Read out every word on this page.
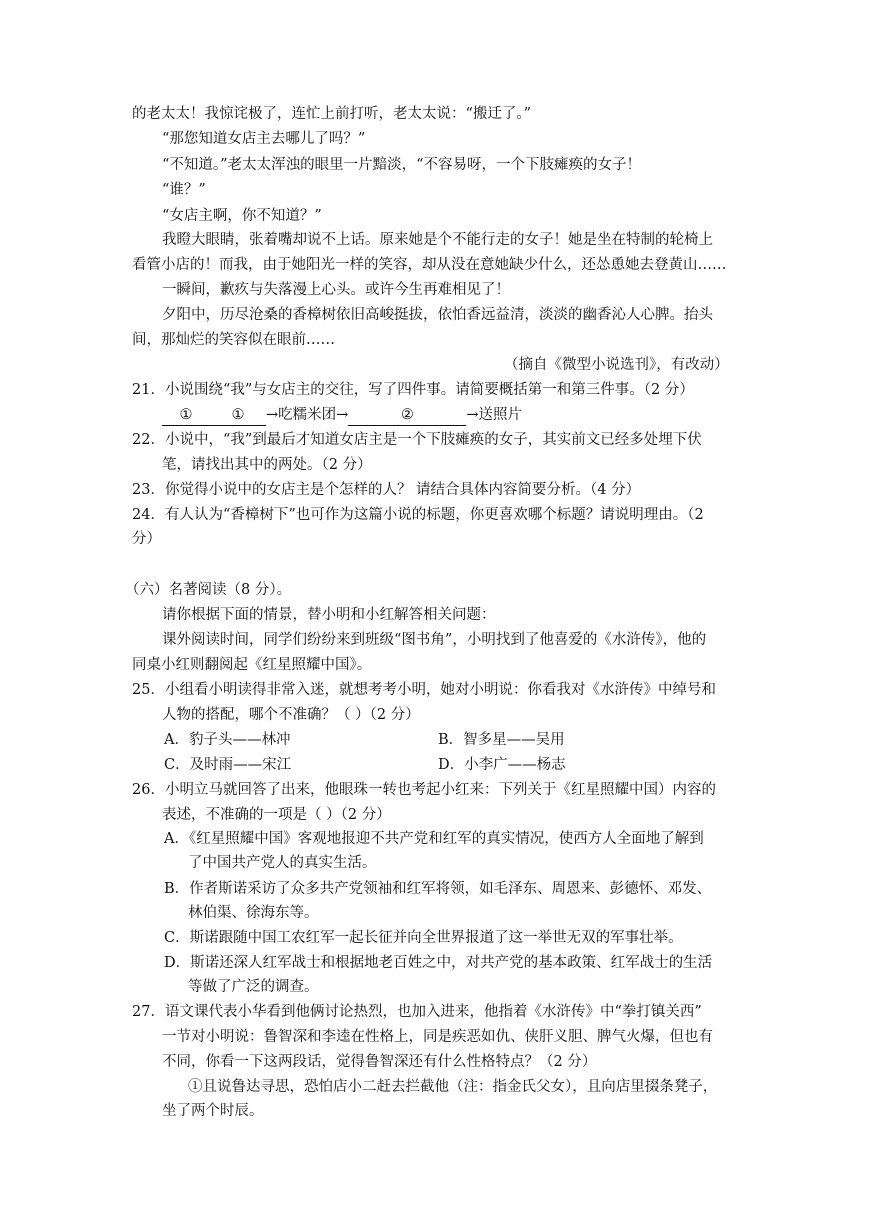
的老太太！我惊诧极了，连忙上前打听，老太太说：“搬迁了。”
“那您知道女店主去哪儿了吗？”
“不知道。”老太太浑浊的眼里一片黯淡，“不容易呀，一个下肢瘫痪的女子！
“谁？”
“女店主啊，你不知道？”
我瞪大眼睛，张着嘴却说不上话。原来她是个不能行走的女子！她是坐在特制的轮椅上
看管小店的！而我，由于她阳光一样的笑容，却从没在意她缺少什么，还怂恿她去登黄山……
一瞬间，歉疚与失落漫上心头。或许今生再难相见了！
夕阳中，历尽沧桑的香樟树依旧高峻挺拔，依怕香远益清，淡淡的幽香沁人心脾。抬头
间，那灿烂的笑容似在眼前……
（摘自《微型小说选刊》，有改动）
21．小说围绕“我”与女店主的交往，写了四件事。请简要概括第一和第三件事。（2 分）
①	① →吃糯米团→	②	→送照片
22．小说中，“我”到最后才知道女店主是一个下肢瘫痪的女子，其实前文已经多处埋下伏
笔，请找出其中的两处。（2 分）
23．你觉得小说中的女店主是个怎样的人？ 请结合具体内容简要分析。（4 分）
24．有人认为“香樟树下”也可作为这篇小说的标题，你更喜欢哪个标题？请说明理由。（2
分）
（六）名著阅读（8 分）。
请你根据下面的情景，替小明和小红解答相关问题：
课外阅读时间，同学们纷纷来到班级“图书角”，小明找到了他喜爱的《水浒传》，他的
同桌小红则翻阅起《红星照耀中国》。
25．小组看小明读得非常入迷，就想考考小明，她对小明说：你看我对《水浒传》中绰号和
人物的搭配，哪个不准确？（ ）（2 分）
A．豹子头——林冲	B．智多星——吴用
C．及时雨——宋江	D．小李广——杨志
26．小明立马就回答了出来，他眼珠一转也考起小红来：下列关于《红星照耀中国）内容的
表述，不准确的一项是（ ）（2 分）
A．《红星照耀中国》客观地报迎不共产党和红军的真实情况，使西方人全面地了解到
了中国共产党人的真实生活。
B．作者斯诺采访了众多共产党领袖和红军将领，如毛泽东、周恩来、彭德怀、邓发、
林伯渠、徐海东等。
C．斯诺跟随中国工农红军一起长征并向全世界报道了这一举世无双的军事壮举。
D．斯诺还深人红军战士和根据地老百姓之中，对共产党的基本政策、红军战士的生活
等做了广泛的调查。
27．语文课代表小华看到他俩讨论热烈，也加入进来，他指着《水浒传》中“拳打镇关西”
一节对小明说：鲁智深和李逵在性格上，同是疾恶如仇、侠肝义胆、脾气火爆，但也有
不同，你看一下这两段话，觉得鲁智深还有什么性格特点？（2 分）
①且说鲁达寻思，恐怕店小二赶去拦截他（注：指金氏父女），且向店里掇条凳子，
坐了两个时辰。
